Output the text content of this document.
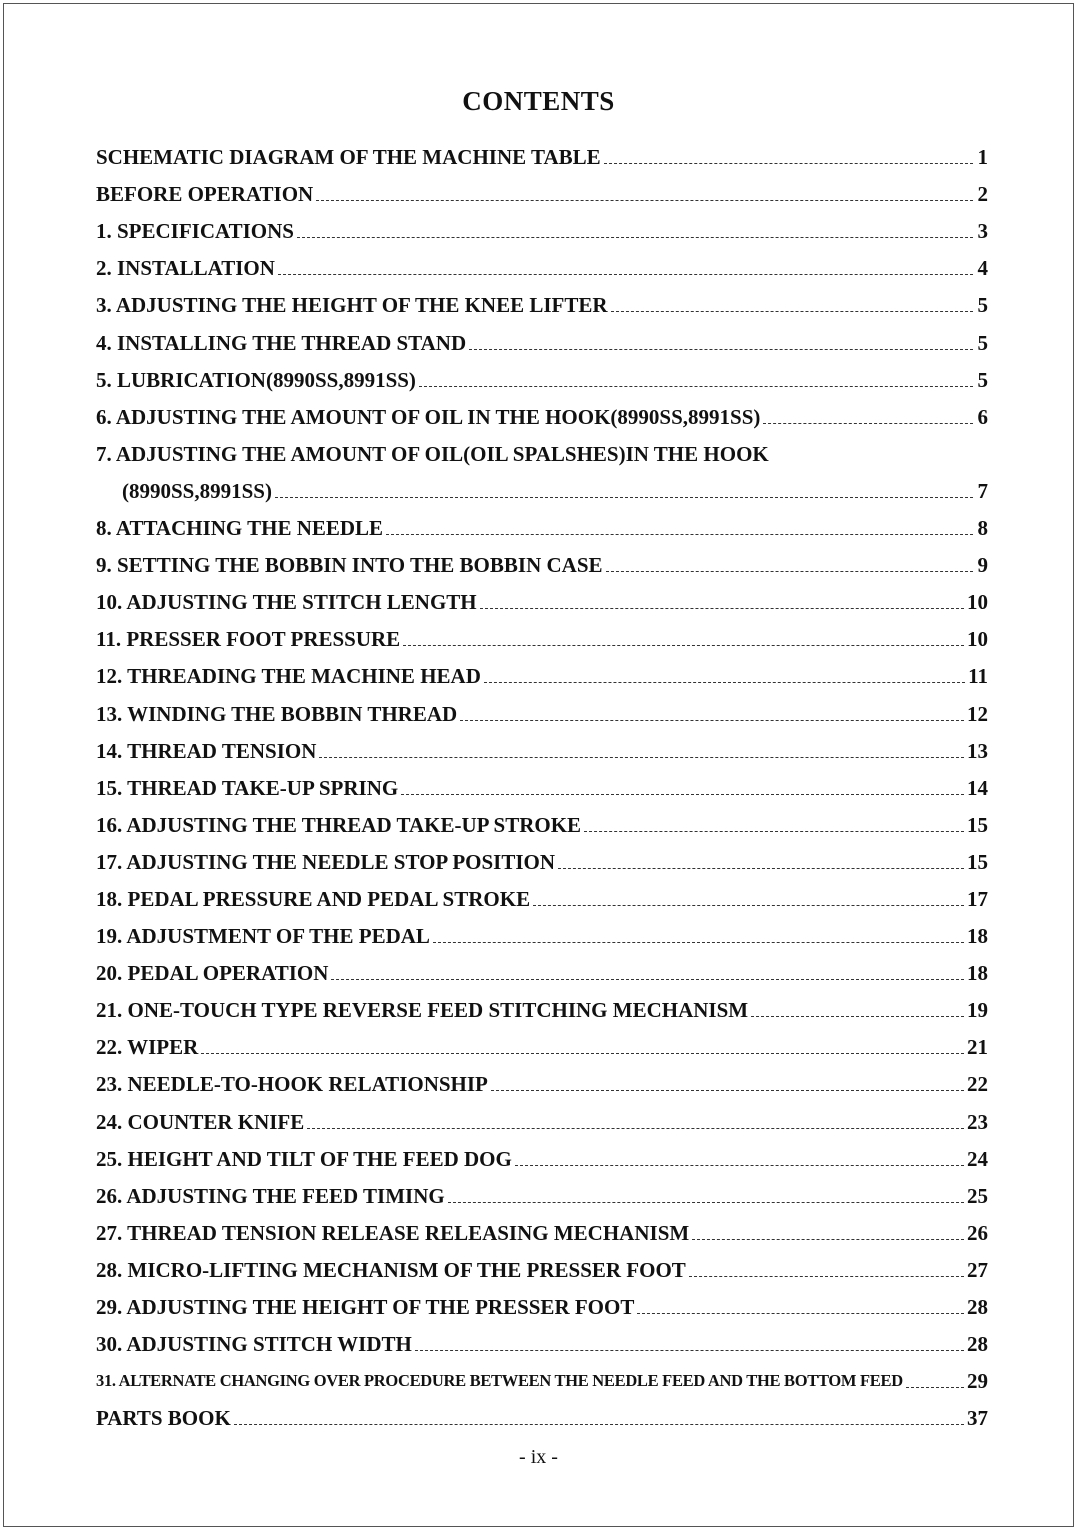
CONTENTS
SCHEMATIC DIAGRAM OF THE MACHINE TABLE	1
BEFORE OPERATION	2
1. SPECIFICATIONS	3
2. INSTALLATION	4
3. ADJUSTING THE HEIGHT OF THE KNEE LIFTER	5
4. INSTALLING THE THREAD STAND	5
5. LUBRICATION(8990SS,8991SS)	5
6. ADJUSTING THE AMOUNT OF OIL IN THE HOOK(8990SS,8991SS)	6
7. ADJUSTING THE AMOUNT OF OIL(OIL SPALSHES)IN THE HOOK
(8990SS,8991SS)	7
8. ATTACHING THE NEEDLE	8
9. SETTING THE BOBBIN INTO THE BOBBIN CASE	9
10. ADJUSTING THE STITCH LENGTH	10
11. PRESSER FOOT PRESSURE	10
12. THREADING THE MACHINE HEAD	11
13. WINDING THE BOBBIN THREAD	12
14. THREAD TENSION	13
15. THREAD TAKE-UP SPRING	14
16. ADJUSTING THE THREAD TAKE-UP STROKE	15
17. ADJUSTING THE NEEDLE STOP POSITION	15
18. PEDAL PRESSURE AND PEDAL STROKE	17
19. ADJUSTMENT OF THE PEDAL	18
20. PEDAL OPERATION	18
21. ONE-TOUCH TYPE REVERSE FEED STITCHING MECHANISM	19
22. WIPER	21
23. NEEDLE-TO-HOOK RELATIONSHIP	22
24. COUNTER KNIFE	23
25. HEIGHT AND TILT OF THE FEED DOG	24
26. ADJUSTING THE FEED TIMING	25
27. THREAD TENSION RELEASE RELEASING MECHANISM	26
28. MICRO-LIFTING MECHANISM OF THE PRESSER FOOT	27
29. ADJUSTING THE HEIGHT OF THE PRESSER FOOT	28
30. ADJUSTING STITCH WIDTH	28
31. ALTERNATE CHANGING OVER PROCEDURE BETWEEN THE NEEDLE FEED AND THE BOTTOM FEED	29
PARTS BOOK	37
- ix -
